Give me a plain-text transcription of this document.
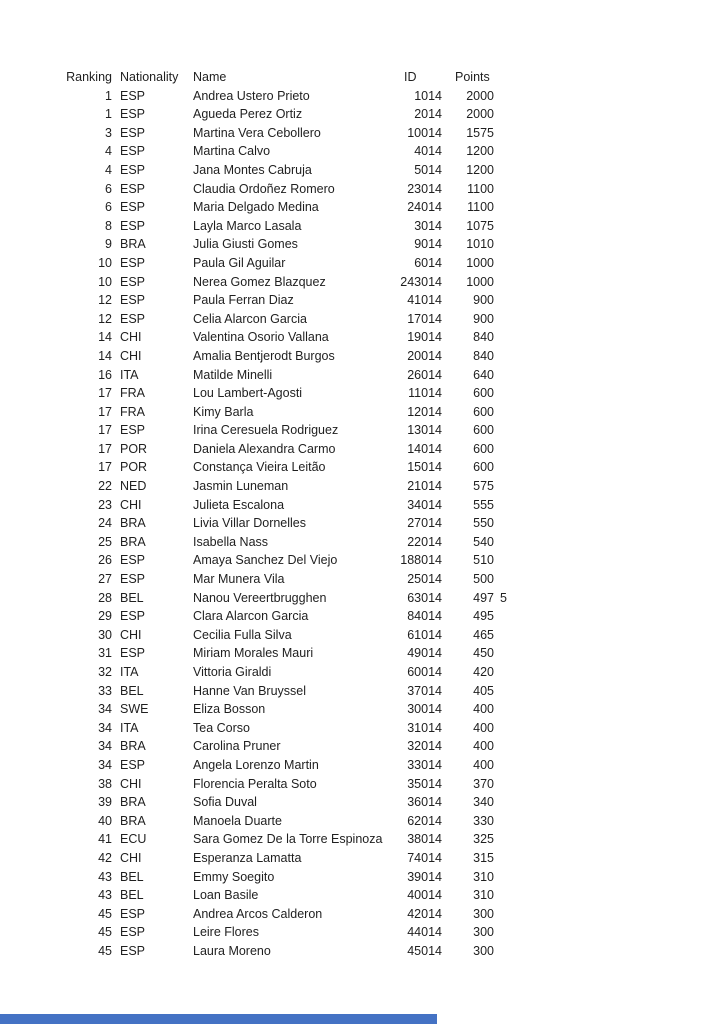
Ranking Nationality	Name	ID	Points
1 ESP	Andrea Ustero Prieto	1014	2000
1 ESP	Agueda Perez Ortiz	2014	2000
3 ESP	Martina Vera Cebollero	10014	1575
4 ESP	Martina Calvo	4014	1200
4 ESP	Jana Montes Cabruja	5014	1200
6 ESP	Claudia Ordoñez Romero	23014	1100
6 ESP	Maria Delgado Medina	24014	1100
8 ESP	Layla Marco Lasala	3014	1075
9 BRA	Julia Giusti Gomes	9014	1010
10 ESP	Paula Gil Aguilar	6014	1000
10 ESP	Nerea Gomez Blazquez	243014	1000
12 ESP	Paula Ferran Diaz	41014	900
12 ESP	Celia Alarcon Garcia	17014	900
14 CHI	Valentina Osorio Vallana	19014	840
14 CHI	Amalia Bentjerodt Burgos	20014	840
16 ITA	Matilde Minelli	26014	640
17 FRA	Lou Lambert-Agosti	11014	600
17 FRA	Kimy Barla	12014	600
17 ESP	Irina Ceresuela Rodriguez	13014	600
17 POR	Daniela Alexandra Carmo	14014	600
17 POR	Constança Vieira Leitão	15014	600
22 NED	Jasmin Luneman	21014	575
23 CHI	Julieta Escalona	34014	555
24 BRA	Livia Villar Dornelles	27014	550
25 BRA	Isabella Nass	22014	540
26 ESP	Amaya Sanchez Del Viejo	188014	510
27 ESP	Mar Munera Vila	25014	500
28 BEL	Nanou Vereertbrugghen	63014	497 5
29 ESP	Clara Alarcon Garcia	84014	495
30 CHI	Cecilia Fulla Silva	61014	465
31 ESP	Miriam Morales Mauri	49014	450
32 ITA	Vittoria Giraldi	60014	420
33 BEL	Hanne Van Bruyssel	37014	405
34 SWE	Eliza Bosson	30014	400
34 ITA	Tea Corso	31014	400
34 BRA	Carolina Pruner	32014	400
34 ESP	Angela Lorenzo Martin	33014	400
38 CHI	Florencia Peralta Soto	35014	370
39 BRA	Sofia Duval	36014	340
40 BRA	Manoela Duarte	62014	330
41 ECU	Sara Gomez De la Torre Espinoza	38014	325
42 CHI	Esperanza Lamatta	74014	315
43 BEL	Emmy Soegito	39014	310
43 BEL	Loan Basile	40014	310
45 ESP	Andrea Arcos Calderon	42014	300
45 ESP	Leire Flores	44014	300
45 ESP	Laura Moreno	45014	300
